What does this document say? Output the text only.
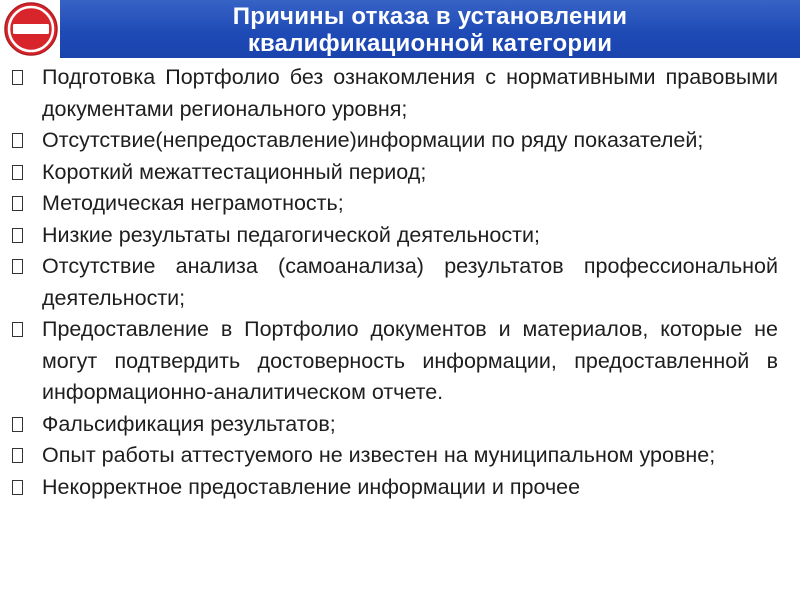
Причины отказа в установлении
квалификационной категории
Подготовка Портфолио без ознакомления с нормативными правовыми документами регионального уровня;
Отсутствие(непредоставление)информации по ряду показателей;
Короткий межаттестационный период;
Методическая неграмотность;
Низкие результаты педагогической деятельности;
Отсутствие анализа (самоанализа) результатов профессиональной деятельности;
Предоставление в Портфолио документов и материалов, которые не могут подтвердить достоверность информации, предоставленной в информационно-аналитическом отчете.
Фальсификация результатов;
Опыт работы аттестуемого не известен на муниципальном уровне;
Некорректное предоставление информации и прочее
